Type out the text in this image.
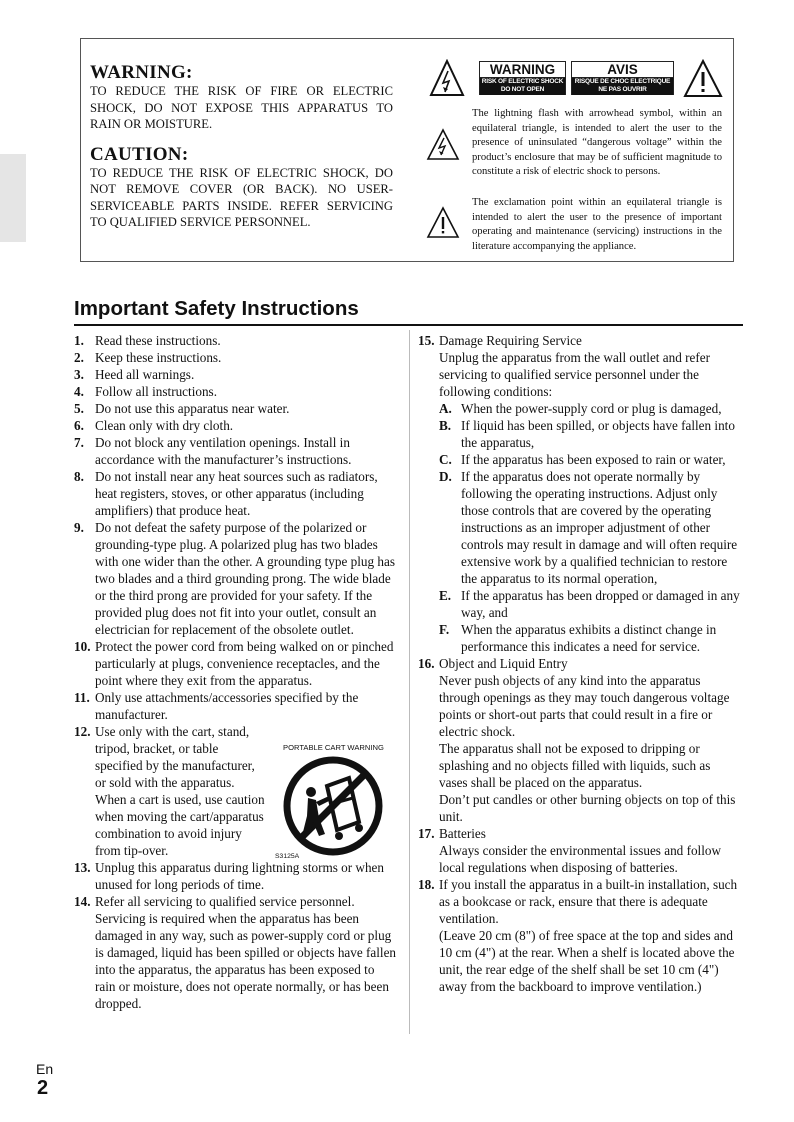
WARNING:
TO REDUCE THE RISK OF FIRE OR ELECTRIC SHOCK, DO NOT EXPOSE THIS APPARATUS TO RAIN OR MOISTURE.
CAUTION:
TO REDUCE THE RISK OF ELECTRIC SHOCK, DO NOT REMOVE COVER (OR BACK). NO USER-SERVICEABLE PARTS INSIDE. REFER SERVICING TO QUALIFIED SERVICE PERSONNEL.
WARNING
RISK OF ELECTRIC SHOCK
DO NOT OPEN
AVIS
RISQUE DE CHOC ELECTRIQUE
NE PAS OUVRIR
The lightning flash with arrowhead symbol, within an equilateral triangle, is intended to alert the user to the presence of uninsulated “dangerous voltage” within the product’s enclosure that may be of sufficient magnitude to constitute a risk of electric shock to persons.
The exclamation point within an equilateral triangle is intended to alert the user to the presence of important operating and maintenance (servicing) instructions in the literature accompanying the appliance.
Important Safety Instructions
1. Read these instructions.
2. Keep these instructions.
3. Heed all warnings.
4. Follow all instructions.
5. Do not use this apparatus near water.
6. Clean only with dry cloth.
7. Do not block any ventilation openings. Install in accordance with the manufacturer’s instructions.
8. Do not install near any heat sources such as radiators, heat registers, stoves, or other apparatus (including amplifiers) that produce heat.
9. Do not defeat the safety purpose of the polarized or grounding-type plug. A polarized plug has two blades with one wider than the other. A grounding type plug has two blades and a third grounding prong. The wide blade or the third prong are provided for your safety. If the provided plug does not fit into your outlet, consult an electrician for replacement of the obsolete outlet.
10. Protect the power cord from being walked on or pinched particularly at plugs, convenience receptacles, and the point where they exit from the apparatus.
11. Only use attachments/accessories specified by the manufacturer.
12. Use only with the cart, stand, tripod, bracket, or table specified by the manufacturer, or sold with the apparatus. When a cart is used, use caution when moving the cart/apparatus combination to avoid injury from tip-over.
13. Unplug this apparatus during lightning storms or when unused for long periods of time.
14. Refer all servicing to qualified service personnel. Servicing is required when the apparatus has been damaged in any way, such as power-supply cord or plug is damaged, liquid has been spilled or objects have fallen into the apparatus, the apparatus has been exposed to rain or moisture, does not operate normally, or has been dropped.
PORTABLE CART WARNING
S3125A
15. Damage Requiring Service
Unplug the apparatus from the wall outlet and refer servicing to qualified service personnel under the following conditions:
A. When the power-supply cord or plug is damaged,
B. If liquid has been spilled, or objects have fallen into the apparatus,
C. If the apparatus has been exposed to rain or water,
D. If the apparatus does not operate normally by following the operating instructions. Adjust only those controls that are covered by the operating instructions as an improper adjustment of other controls may result in damage and will often require extensive work by a qualified technician to restore the apparatus to its normal operation,
E. If the apparatus has been dropped or damaged in any way, and
F. When the apparatus exhibits a distinct change in performance this indicates a need for service.
16. Object and Liquid Entry
Never push objects of any kind into the apparatus through openings as they may touch dangerous voltage points or short-out parts that could result in a fire or electric shock.
The apparatus shall not be exposed to dripping or splashing and no objects filled with liquids, such as vases shall be placed on the apparatus.
Don’t put candles or other burning objects on top of this unit.
17. Batteries
Always consider the environmental issues and follow local regulations when disposing of batteries.
18. If you install the apparatus in a built-in installation, such as a bookcase or rack, ensure that there is adequate ventilation.
(Leave 20 cm (8") of free space at the top and sides and 10 cm (4") at the rear. When a shelf is located above the unit, the rear edge of the shelf shall be set 10 cm (4") away from the backboard to improve ventilation.)
En
2
